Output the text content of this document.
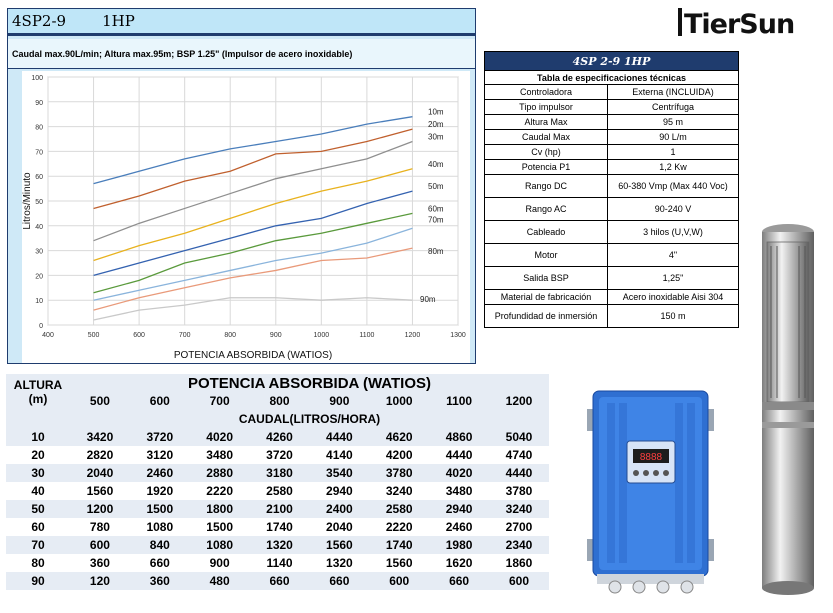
4SP2-9 1HP
Caudal max.90L/min; Altura max.95m; BSP 1.25" (Impulsor de acero inoxidable)
0
10
20
30
40
50
60
70
80
90
100
400	500	600	700	800	900	1000	1100	1200	1300
10m
20m
30m
40m
50m
60m
70m
80m
90m
Litros/Minuto
POTENCIA ABSORBIDA (WATIOS)
TierSun
4SP 2-9 1HP	
Tabla de especificaciones técnicas	
Controladora	Externa (INCLUIDA)
Tipo impulsor	Centrífuga
Altura Max	95 m
Caudal Max	90 L/m
Cv (hp)	1
Potencia P1	1,2 Kw
Rango DC	60-380 Vmp (Max 440 Voc)
Rango AC	90-240 V
Cableado	3 hilos (U,V,W)
Motor	4"
Salida BSP	1,25"
Material de fabricación	Acero inoxidable Aisi 304
Profundidad de inmersión	150 m
ALTURA
(m)	POTENCIA ABSORBIDA (WATIOS)							
	500	600	700	800	900	1000	1100	1200
	CAUDAL(LITROS/HORA)							
10	3420	3720	4020	4260	4440	4620	4860	5040
20	2820	3120	3480	3720	4140	4200	4440	4740
30	2040	2460	2880	3180	3540	3780	4020	4440
40	1560	1920	2220	2580	2940	3240	3480	3780
50	1200	1500	1800	2100	2400	2580	2940	3240
60	780	1080	1500	1740	2040	2220	2460	2700
70	600	840	1080	1320	1560	1740	1980	2340
80	360	660	900	1140	1320	1560	1620	1860
90	120	360	480	660	660	600	660	600
8888
